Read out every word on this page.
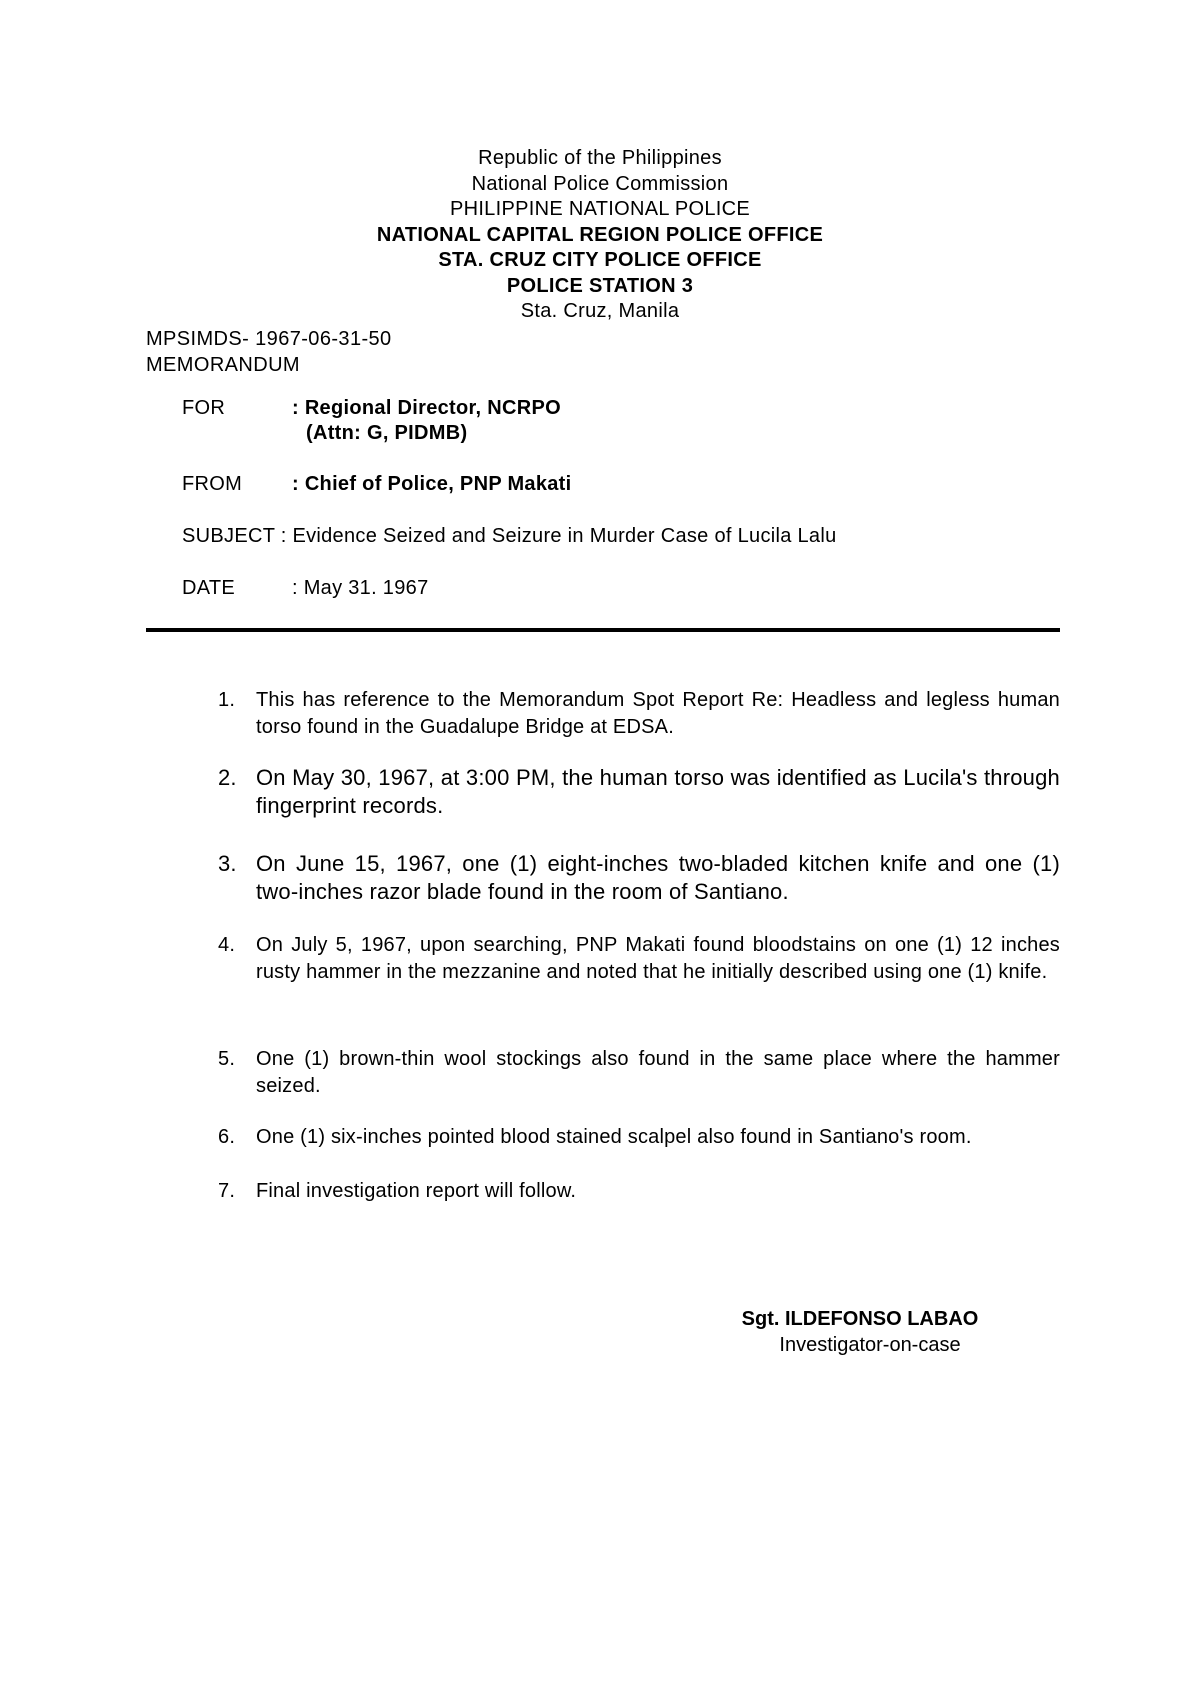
Republic of the Philippines
National Police Commission
PHILIPPINE NATIONAL POLICE
NATIONAL CAPITAL REGION POLICE OFFICE
STA. CRUZ CITY POLICE OFFICE
POLICE STATION 3
Sta. Cruz, Manila
MPSIMDS- 1967-06-31-50
MEMORANDUM
FOR	: Regional Director, NCRPO
(Attn: G, PIDMB)
FROM : Chief of Police, PNP Makati
SUBJECT : Evidence Seized and Seizure in Murder Case of Lucila Lalu
DATE	: May 31. 1967
1.	This has reference to the Memorandum Spot Report Re: Headless and legless human torso found in the Guadalupe Bridge at EDSA.
2. On May 30, 1967, at 3:00 PM, the human torso was identified as Lucila's through fingerprint records.
3. On June 15, 1967, one (1) eight-inches two-bladed kitchen knife and one (1) two-inches razor blade found in the room of Santiano.
4.	On July 5, 1967, upon searching, PNP Makati found bloodstains on one (1) 12 inches rusty hammer in the mezzanine and noted that he initially described using one (1) knife.
5.	One (1) brown-thin wool stockings also found in the same place where the hammer seized.
6.	One (1) six-inches pointed blood stained scalpel also found in Santiano's room.
7.	Final investigation report will follow.
Sgt. ILDEFONSO LABAO
Investigator-on-case
